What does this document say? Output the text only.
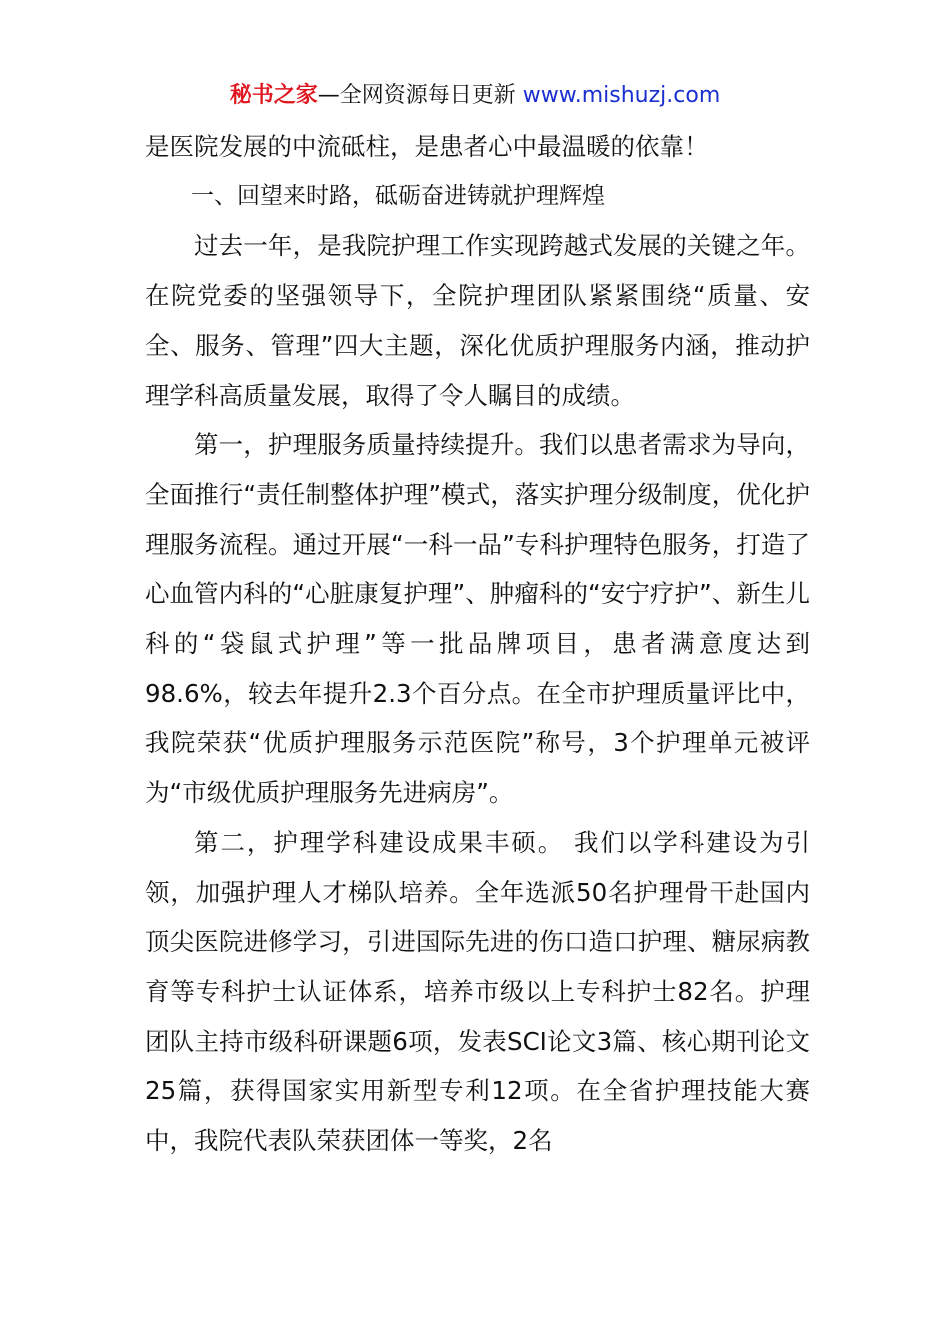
秘书之家—全网资源每日更新 www.mishuzj.com

是医院发展的中流砥柱，是患者心中最温暖的依靠！

一、回望来时路，砥砺奋进铸就护理辉煌

过去一年，是我院护理工作实现跨越式发展的关键之年。在院党委的坚强领导下，全院护理团队紧紧围绕“质量、安全、服务、管理”四大主题，深化优质护理服务内涵，推动护理学科高质量发展，取得了令人瞩目的成绩。

第一，护理服务质量持续提升。我们以患者需求为导向，全面推行“责任制整体护理”模式，落实护理分级制度，优化护理服务流程。通过开展“一科一品”专科护理特色服务，打造了心血管内科的“心脏康复护理”、肿瘤科的“安宁疗护”、新生儿科的“袋鼠式护理”等一批品牌项目，患者满意度达到98.6%，较去年提升2.3个百分点。在全市护理质量评比中，我院荣获“优质护理服务示范医院”称号，3个护理单元被评为“市级优质护理服务先进病房”。

第二，护理学科建设成果丰硕。 我们以学科建设为引领，加强护理人才梯队培养。全年选派50名护理骨干赴国内顶尖医院进修学习，引进国际先进的伤口造口护理、糖尿病教育等专科护士认证体系，培养市级以上专科护士82名。护理团队主持市级科研课题6项，发表SCI论文3篇、核心期刊论文25篇，获得国家实用新型专利12项。在全省护理技能大赛中，我院代表队荣获团体一等奖，2名
